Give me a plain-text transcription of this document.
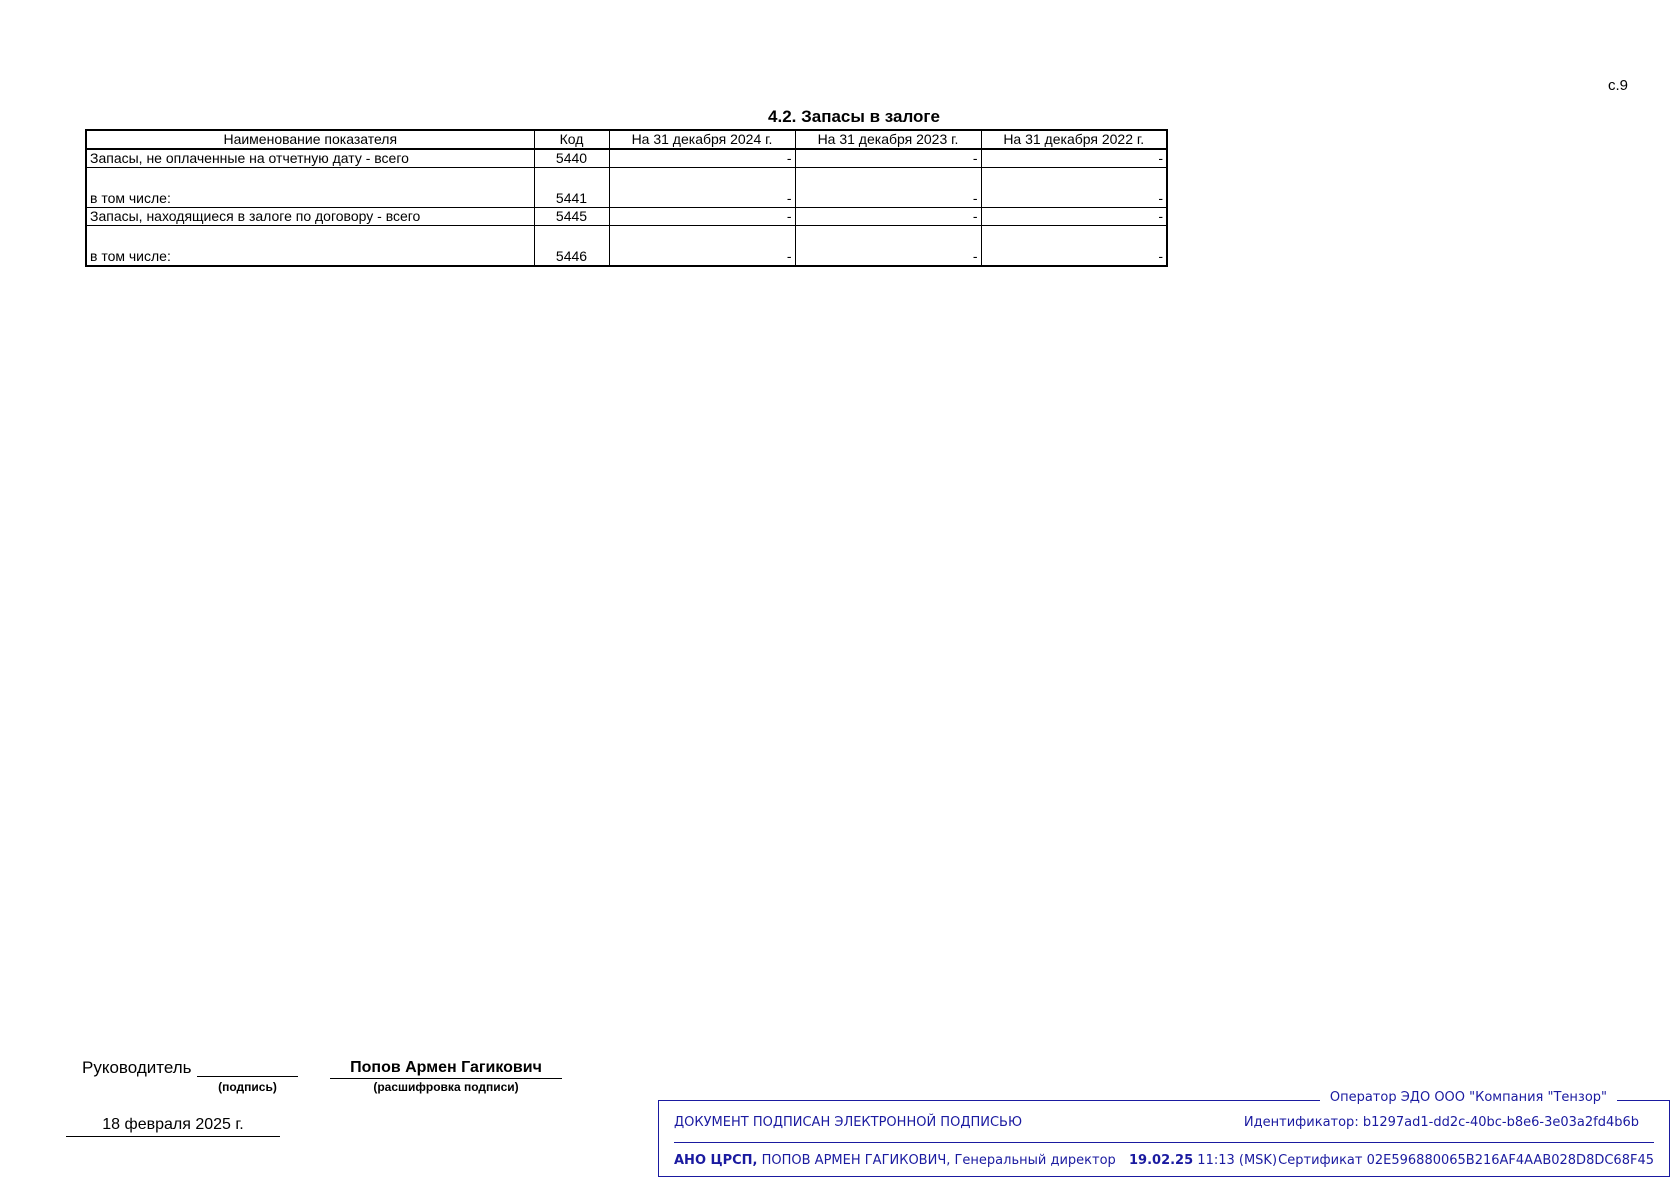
с.9
4.2. Запасы в залоге
Наименование показателя	Код	На 31 декабря 2024 г.	На 31 декабря 2023 г.	На 31 декабря 2022 г.
Запасы, не оплаченные на отчетную дату - всего	5440	-	-	-
в том числе:	5441	-	-	-
Запасы, находящиеся в залоге по договору - всего	5445	-	-	-
в том числе:	5446	-	-	-
Руководитель
(подпись)
Попов Армен Гагикович
(расшифровка подписи)
18 февраля 2025 г.
Оператор ЭДО ООО "Компания "Тензор"
ДОКУМЕНТ ПОДПИСАН ЭЛЕКТРОННОЙ ПОДПИСЬЮ	Идентификатор: b1297ad1-dd2c-40bc-b8e6-3e03a2fd4b6b
АНО ЦРСП, ПОПОВ АРМЕН ГАГИКОВИЧ, Генеральный директор 19.02.25 11:13 (MSK) Сертификат 02E596880065B216AF4AAB028D8DC68F45
